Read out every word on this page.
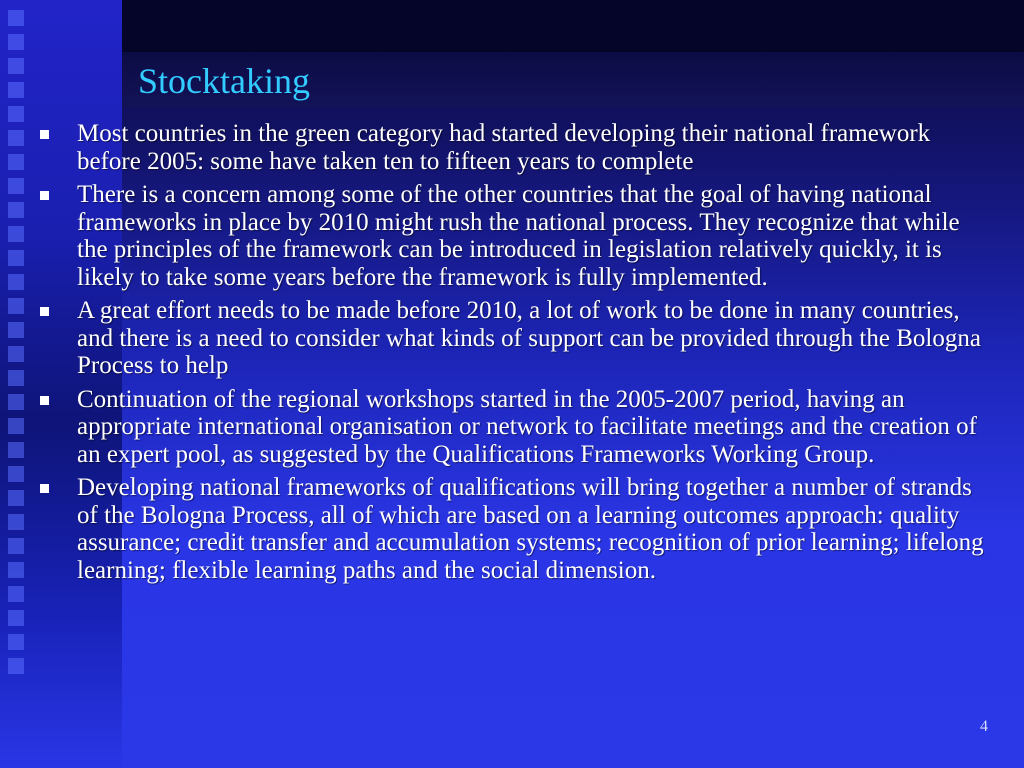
Stocktaking
Most countries in the green category had started developing their national framework before 2005: some have taken ten to fifteen years to complete
There is a concern among some of the other countries that the goal of having national frameworks in place by 2010 might rush the national process. They recognize that while the principles of the framework can be introduced in legislation relatively quickly, it is likely to take some years before the framework is fully implemented.
A great effort needs to be made before 2010, a lot of work to be done in many countries, and there is a need to consider what kinds of support can be provided through the Bologna Process to help
Continuation of the regional workshops started in the 2005-2007 period, having an appropriate international organisation or network to facilitate meetings and the creation of an expert pool, as suggested by the Qualifications Frameworks Working Group.
Developing national frameworks of qualifications will bring together a number of strands of the Bologna Process, all of which are based on a learning outcomes approach: quality assurance; credit transfer and accumulation systems; recognition of prior learning; lifelong learning; flexible learning paths and the social dimension.
4
